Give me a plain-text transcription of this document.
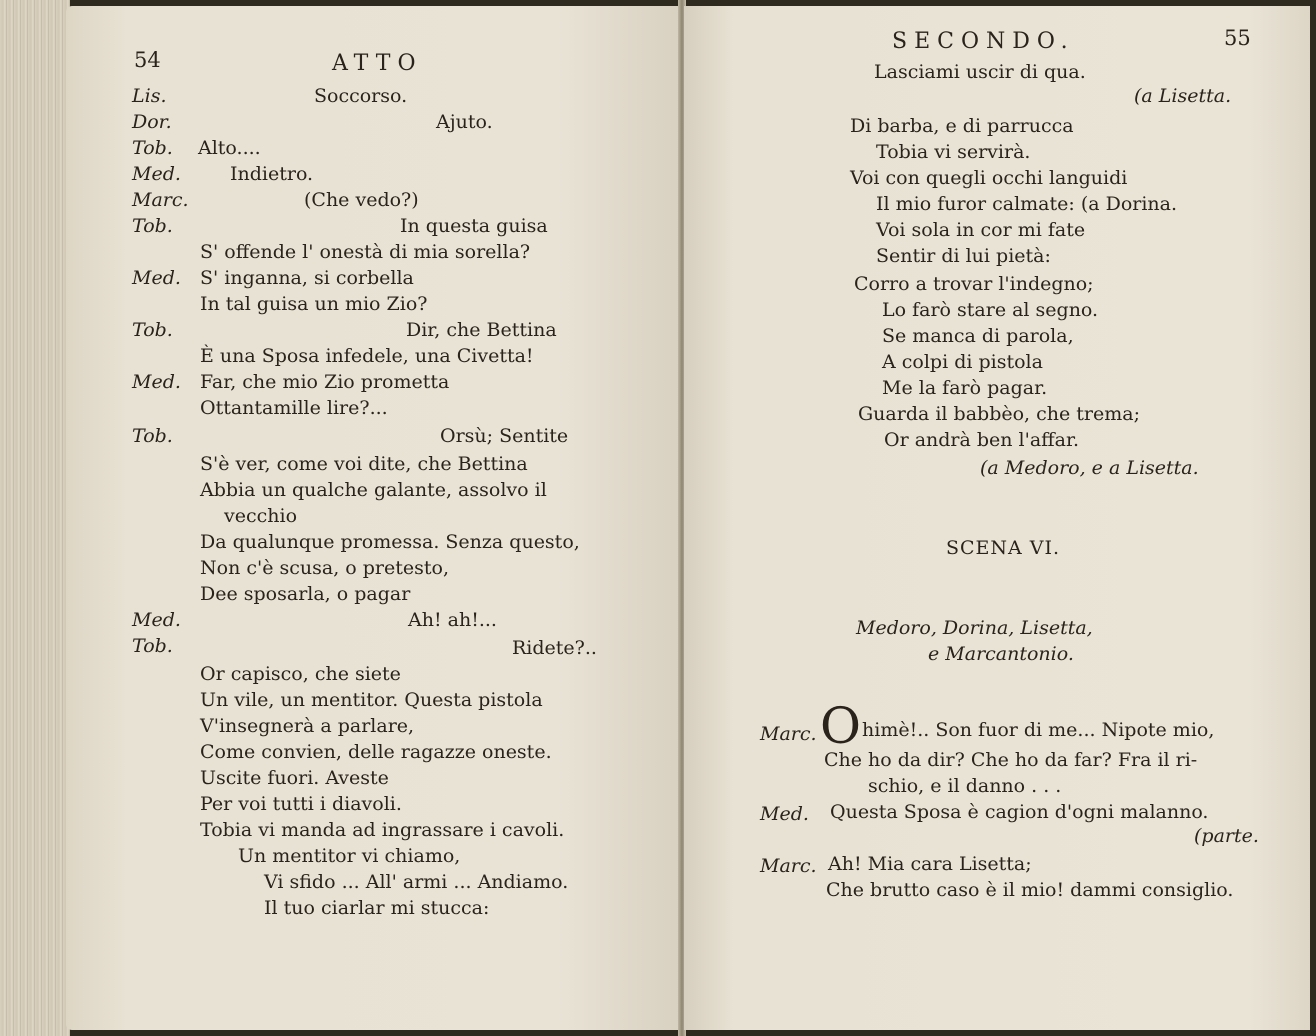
54	ATTO
Lis.	Soccorso.
Dor.	Ajuto.
Tob. Alto....
Med.	Indietro.
Marc.	(Che vedo?)
Tob.	In questa guisa
S' offende l' onestà di mia sorella?
Med. S' inganna, si corbella
In tal guisa un mio Zio?
Tob.	Dir, che Bettina
È una Sposa infedele, una Civetta!
Med. Far, che mio Zio prometta
Ottantamille lire?...
Tob.	Orsù; Sentite
S'è ver, come voi dite, che Bettina
Abbia un qualche galante, assolvo il
vecchio
Da qualunque promessa. Senza questo,
Non c'è scusa, o pretesto,
Dee sposarla, o pagar
Med.	Ah! ah!...
Tob.	Ridete?..
Or capisco, che siete
Un vile, un mentitor. Questa pistola
V'insegnerà a parlare,
Come convien, delle ragazze oneste.
Uscite fuori. Aveste
Per voi tutti i diavoli.
Tobia vi manda ad ingrassare i cavoli.
Un mentitor vi chiamo,
Vi sfido ... All' armi ... Andiamo.
Il tuo ciarlar mi stucca:
SECONDO.	55
Lasciami uscir di qua.
(a Lisetta.
Di barba, e di parrucca
Tobia vi servirà.
Voi con quegli occhi languidi
Il mio furor calmate: (a Dorina.
Voi sola in cor mi fate
Sentir di lui pietà:
Corro a trovar l'indegno;
Lo farò stare al segno.
Se manca di parola,
A colpi di pistola
Me la farò pagar.
Guarda il babbèo, che trema;
Or andrà ben l'affar.
(a Medoro, e a Lisetta.
SCENA VI.
Medoro, Dorina, Lisetta,
e Marcantonio.
Marc. O himè!.. Son fuor di me... Nipote mio,
Che ho da dir? Che ho da far? Fra il ri-
schio, e il danno . . .
Med. Questa Sposa è cagion d'ogni malanno.
(parte.
Marc. Ah! Mia cara Lisetta;
Che brutto caso è il mio! dammi consiglio.
